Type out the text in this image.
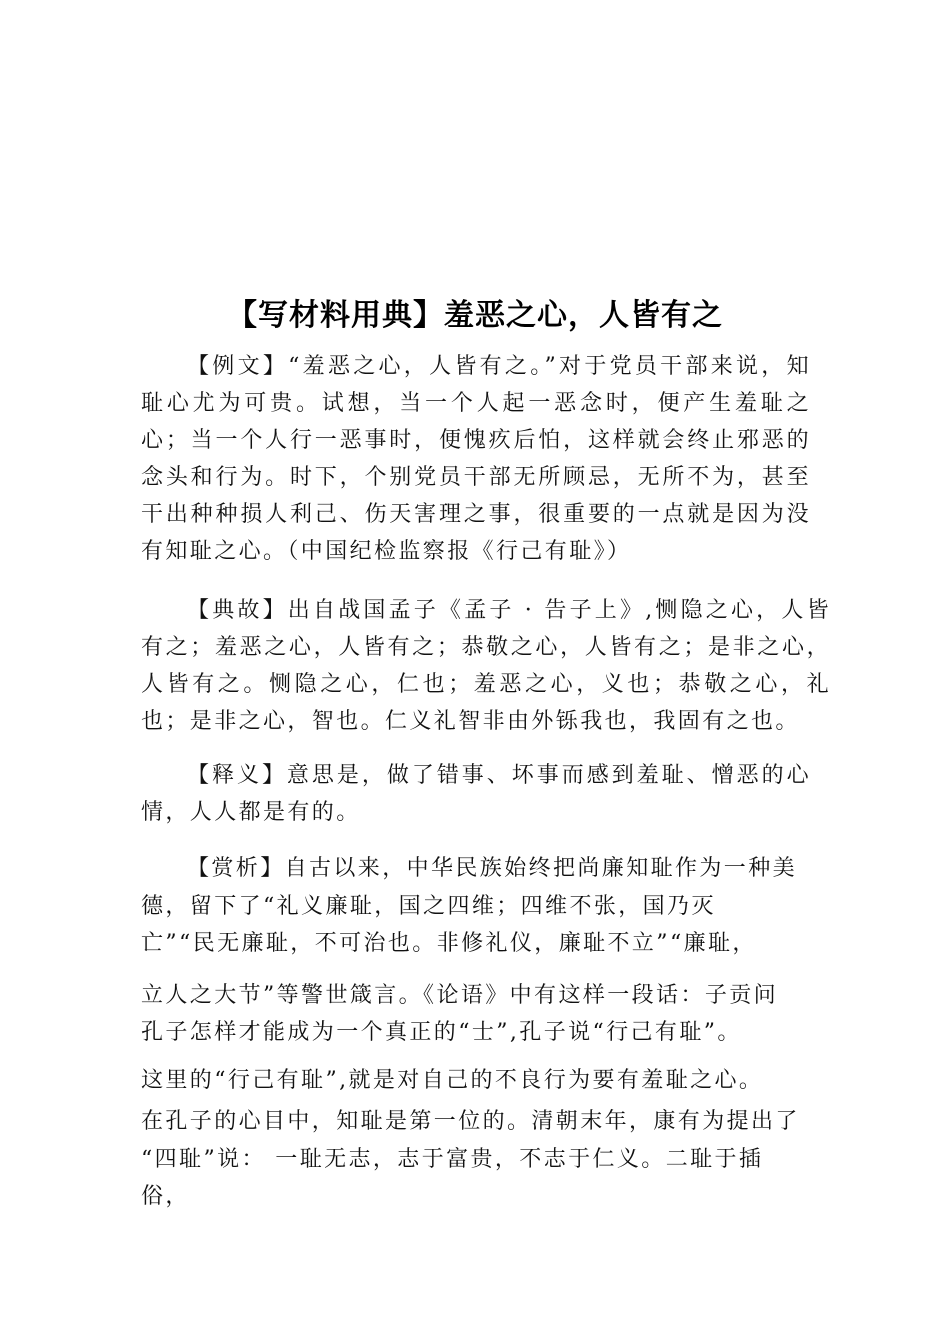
【写材料用典】羞恶之心，人皆有之

【例文】“羞恶之心，人皆有之。”对于党员干部来说，知耻心尤为可贵。试想，当一个人起一恶念时，便产生羞耻之心；当一个人行一恶事时，便愧疚后怕，这样就会终止邪恶的念头和行为。时下，个别党员干部无所顾忌，无所不为，甚至干出种种损人利己、伤天害理之事，很重要的一点就是因为没有知耻之心。（中国纪检监察报《行己有耻》）

【典故】出自战国孟子《孟子 · 告子上》,恻隐之心，人皆有之；羞恶之心，人皆有之；恭敬之心，人皆有之；是非之心，人皆有之。恻隐之心，仁也；羞恶之心，义也；恭敬之心，礼也；是非之心，智也。仁义礼智非由外铄我也，我固有之也。

【释义】意思是，做了错事、坏事而感到羞耻、憎恶的心情，人人都是有的。

【赏析】自古以来，中华民族始终把尚廉知耻作为一种美
德，留下了“礼义廉耻，国之四维；四维不张，国乃灭
亡”“民无廉耻，不可治也。非修礼仪，廉耻不立”“廉耻，
立人之大节”等警世箴言。《论语》中有这样一段话：子贡问
孔子怎样才能成为一个真正的“士”,孔子说“行己有耻”。
这里的“行己有耻”,就是对自己的不良行为要有羞耻之心。
在孔子的心目中，知耻是第一位的。清朝末年，康有为提出了
“四耻”说： 一耻无志，志于富贵，不志于仁义。二耻于插
俗，
